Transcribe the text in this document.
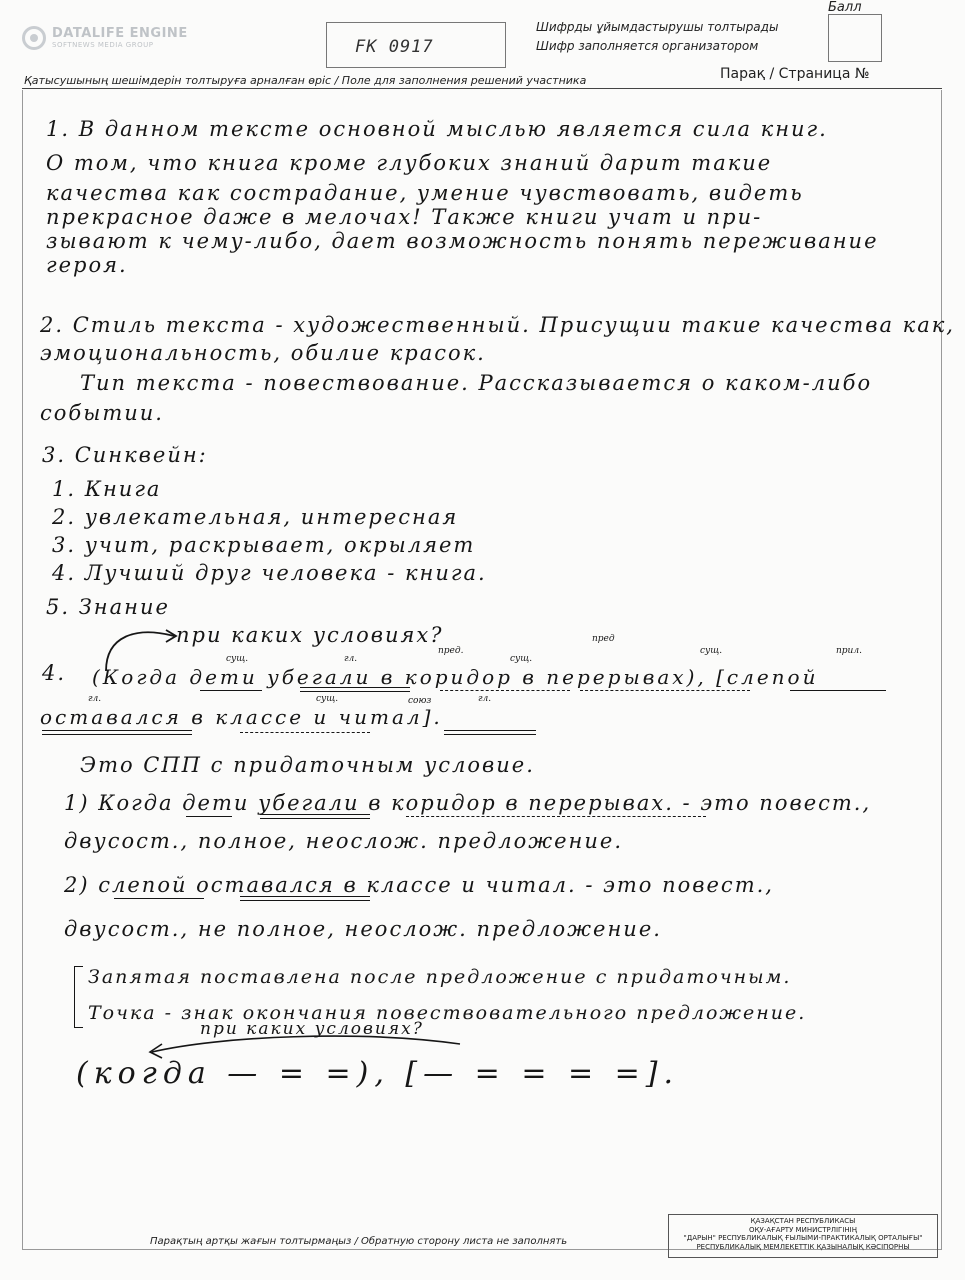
DATALIFE ENGINE
SOFTNEWS MEDIA GROUP	FK 0917
Шифрды ұйымдастырушы толтырады
Шифр заполняется организатором
Балл
Қатысушының шешімдерін толтыруға арналған өріс / Поле для заполнения решений участника	Парақ / Страница №
1. В данном тексте основной мыслью является сила книг.
О том, что книга кроме глубоких знаний дарит такие
качества как сострадание, умение чувствовать, видеть
прекрасное даже в мелочах! Также книги учат и при-
зывают к чему-либо, дает возможность понять переживание
героя.
2. Стиль текста - художественный. Присущии такие качества как,
эмоциональность, обилие красок.
Тип текста - повествование. Рассказывается о каком-либо
событии.
3. Синквейн:
1. Книга
2. увлекательная, интересная
3. учит, раскрывает, окрыляет
4. Лучший друг человека - книга.
5. Знание
при каких условиях?
4. (Когда дети убегали в коридор в перерывах), [слепой
оставался в классе и читал].
сущ.	гл.
пред.
сущ.
пред
сущ.	прил.
гл.	сущ.	союз	гл.
Это СПП с придаточным условие.
1) Когда дети убегали в коридор в перерывах. - это повест.,
двусост., полное, неослож. предложение.
2) слепой оставался в классе и читал. - это повест.,
двусост., не полное, неослож. предложение.
Запятая поставлена после предложение с придаточным.
Точка - знак окончания повествовательного предложение.
при каких условиях?
(когда — = =), [— = = = =].
Парақтың артқы жағын толтырмаңыз / Обратную сторону листа не заполнять
ҚАЗАҚСТАН РЕСПУБЛИКАСЫ
ОҚУ-АҒАРТУ МИНИСТРЛІГІНІҢ
"ДАРЫН" РЕСПУБЛИКАЛЫҚ ҒЫЛЫМИ-ПРАКТИКАЛЫҚ ОРТАЛЫҒЫ"
РЕСПУБЛИКАЛЫҚ МЕМЛЕКЕТТІК ҚАЗЫНАЛЫҚ КӘСІПОРНЫ
